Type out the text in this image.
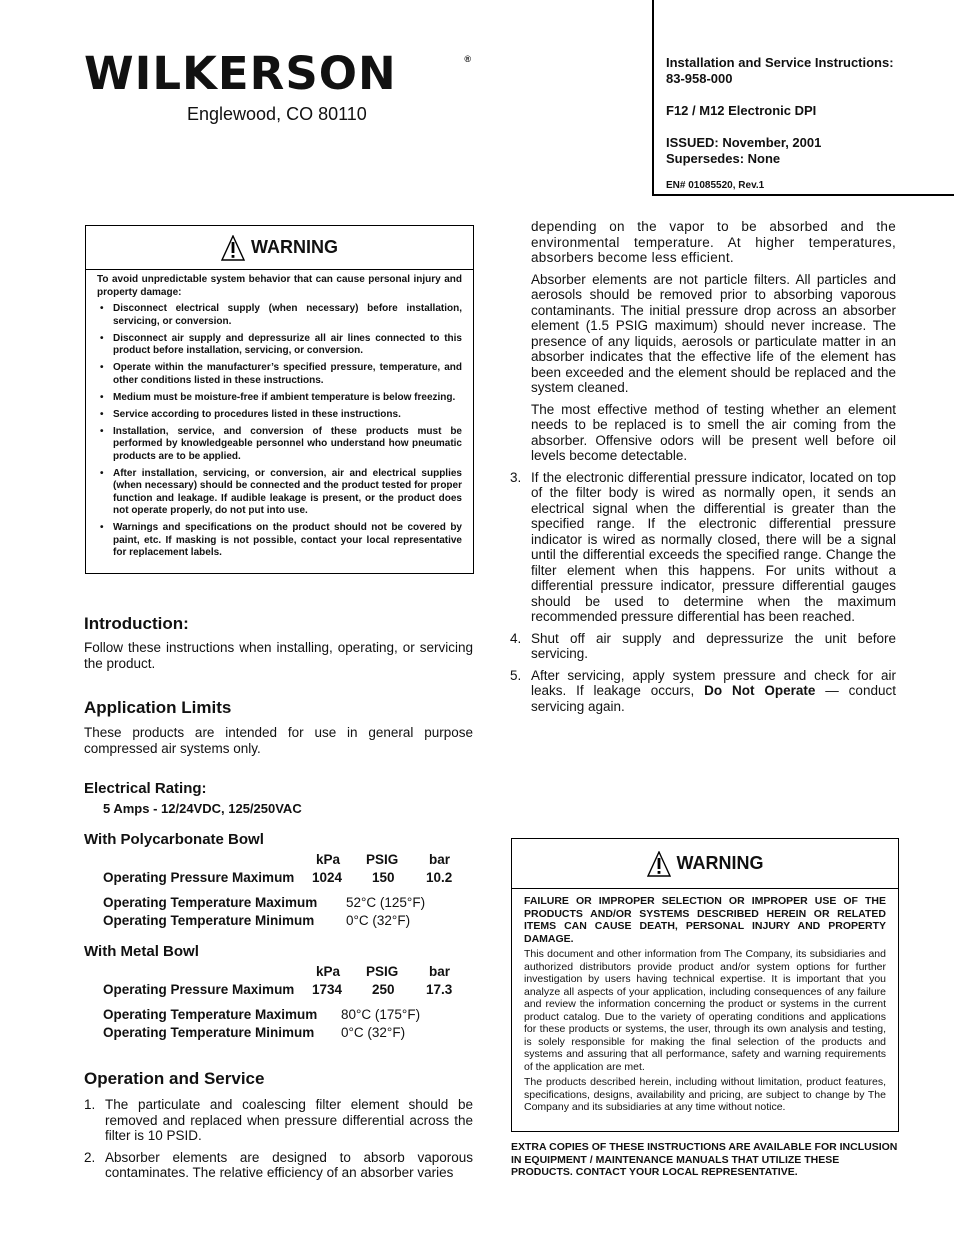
WILKERSON	®
Englewood, CO 80110
Installation and Service Instructions:
83-958-000
F12 / M12 Electronic DPI
ISSUED: November, 2001
Supersedes: None
EN# 01085520, Rev.1
WARNING

To avoid unpredictable system behavior that can cause personal injury and property damage:

• Disconnect electrical supply (when necessary) before installation, servicing, or conversion.
• Disconnect air supply and depressurize all air lines connected to this product before installation, servicing, or conversion.
• Operate within the manufacturer’s specified pressure, temperature, and other conditions listed in these instructions.
• Medium must be moisture-free if ambient temperature is below freezing.
• Service according to procedures listed in these instructions.
• Installation, service, and conversion of these products must be performed by knowledgeable personnel who understand how pneumatic products are to be applied.
• After installation, servicing, or conversion, air and electrical supplies (when necessary) should be connected and the product tested for proper function and leakage. If audible leakage is present, or the product does not operate properly, do not put into use.
• Warnings and specifications on the product should not be covered by paint, etc. If masking is not possible, contact your local representative for replacement labels.
Introduction:
Follow these instructions when installing, operating, or servicing the product.
Application Limits
These products are intended for use in general purpose compressed air systems only.
Electrical Rating:
5 Amps - 12/24VDC, 125/250VAC
With Polycarbonate Bowl
kPa PSIG bar
Operating Pressure Maximum 1024 150 10.2
Operating Temperature Maximum 52°C (125°F)
Operating Temperature Minimum 0°C (32°F)
With Metal Bowl
kPa PSIG bar
Operating Pressure Maximum 1734 250 17.3
Operating Temperature Maximum 80°C (175°F)
Operating Temperature Minimum 0°C (32°F)
Operation and Service
1. The particulate and coalescing filter element should be removed and replaced when pressure differential across the filter is 10 PSID.
2. Absorber elements are designed to absorb vaporous contaminates. The relative efficiency of an absorber varies

depending on the vapor to be absorbed and the environmental temperature. At higher temperatures, absorbers become less efficient.

Absorber elements are not particle filters. All particles and aerosols should be removed prior to absorbing vaporous contaminants. The initial pressure drop across an absorber element (1.5 PSIG maximum) should never increase. The presence of any liquids, aerosols or particulate matter in an absorber indicates that the effective life of the element has been exceeded and the element should be replaced and the system cleaned.

The most effective method of testing whether an element needs to be replaced is to smell the air coming from the absorber. Offensive odors will be present well before oil levels become detectable.

3. If the electronic differential pressure indicator, located on top of the filter body is wired as normally open, it sends an electrical signal when the differential is greater than the specified range. If the electronic differential pressure indicator is wired as normally closed, there will be a signal until the differential exceeds the specified range. Change the filter element when this happens. For units without a differential pressure indicator, pressure differential gauges should be used to determine when the maximum recommended pressure differential has been reached.
4. Shut off air supply and depressurize the unit before servicing.
5. After servicing, apply system pressure and check for air leaks. If leakage occurs, Do Not Operate — conduct servicing again.
WARNING

FAILURE OR IMPROPER SELECTION OR IMPROPER USE OF THE PRODUCTS AND/OR SYSTEMS DESCRIBED HEREIN OR RELATED ITEMS CAN CAUSE DEATH, PERSONAL INJURY AND PROPERTY DAMAGE.

This document and other information from The Company, its subsidiaries and authorized distributors provide product and/or system options for further investigation by users having technical expertise. It is important that you analyze all aspects of your application, including consequences of any failure and review the information concerning the product or systems in the current product catalog. Due to the variety of operating conditions and applications for these products or systems, the user, through its own analysis and testing, is solely responsible for making the final selection of the products and systems and assuring that all performance, safety and warning requirements of the application are met.

The products described herein, including without limitation, product features, specifications, designs, availability and pricing, are subject to change by The Company and its subsidiaries at any time without notice.

EXTRA COPIES OF THESE INSTRUCTIONS ARE AVAILABLE FOR INCLUSION IN EQUIPMENT / MAINTENANCE MANUALS THAT UTILIZE THESE PRODUCTS. CONTACT YOUR LOCAL REPRESENTATIVE.
